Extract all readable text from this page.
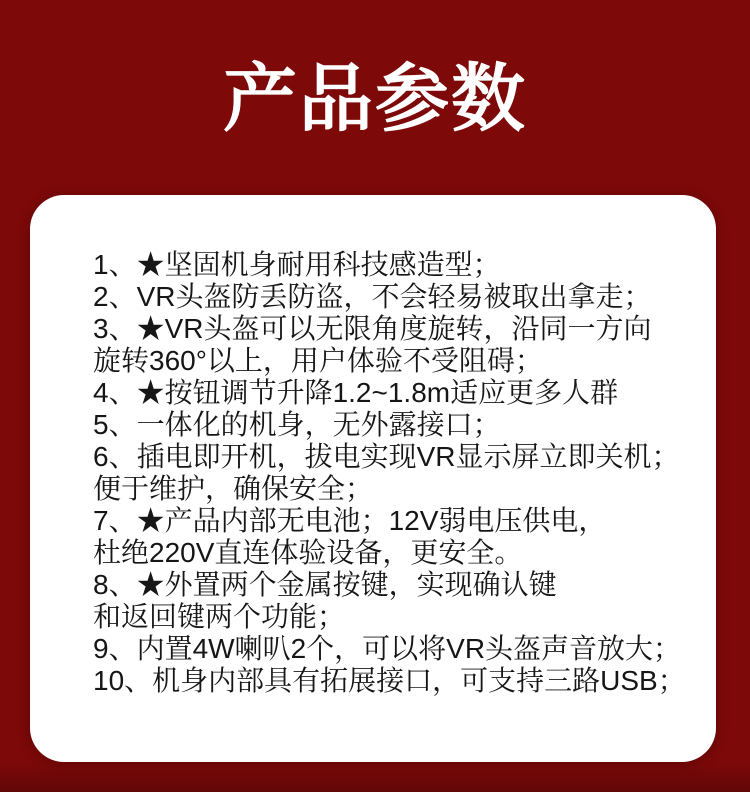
产品参数
1、★坚固机身耐用科技感造型；
2、VR头盔防丢防盗，不会轻易被取出拿走；
3、★VR头盔可以无限角度旋转，沿同一方向
旋转360°以上，用户体验不受阻碍；
4、★按钮调节升降1.2~1.8m适应更多人群
5、一体化的机身，无外露接口；
6、插电即开机，拔电实现VR显示屏立即关机；
便于维护，确保安全；
7、★产品内部无电池；12V弱电压供电，
杜绝220V直连体验设备，更安全。
8、★外置两个金属按键，实现确认键
和返回键两个功能；
9、内置4W喇叭2个，可以将VR头盔声音放大；
10、机身内部具有拓展接口，可支持三路USB；
